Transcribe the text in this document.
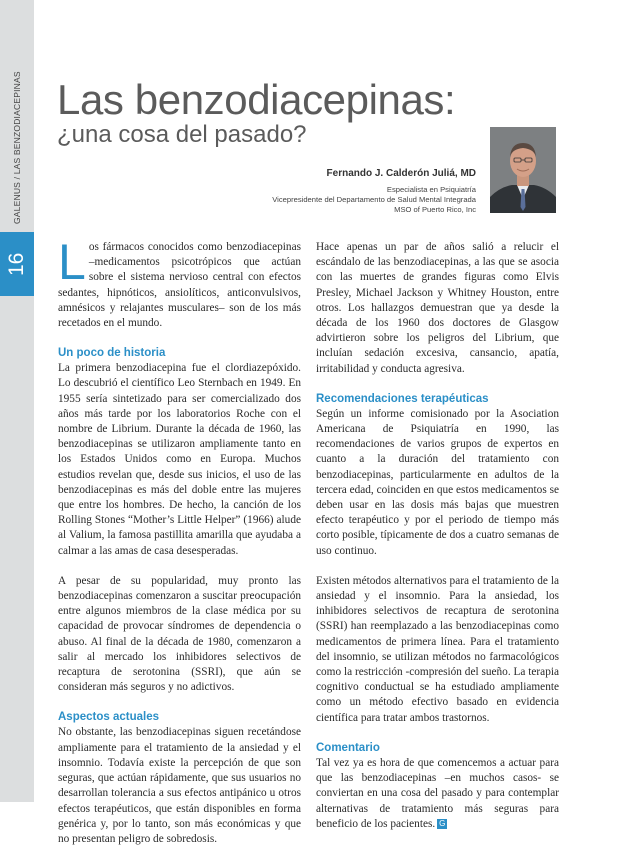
16
GALENUS / LAS BENZODIACEPINAS Las benzodiacepinas:
¿una cosa del pasado?
Fernando J. Calderón Juliá, MD
Especialista en Psiquiatría
Vicepresidente del Departamento de Salud Mental Integrada
MSO of Puerto Rico, Inc

Los fármacos conocidos como benzodiacepinas –medicamentos psicotrópicos que actúan sobre el sistema nervioso central con efectos sedantes, hipnóticos, ansiolíticos, anticonvulsivos, amnésicos y relajantes musculares– son de los más recetados en el mundo.

Un poco de historia

La primera benzodiacepina fue el clordiazepóxido. Lo descubrió el científico Leo Sternbach en 1949. En 1955 sería sintetizado para ser comercializado dos años más tarde por los laboratorios Roche con el nombre de Librium. Durante la década de 1960, las benzodiacepinas se utilizaron ampliamente tanto en los Estados Unidos como en Europa. Muchos estudios revelan que, desde sus inicios, el uso de las benzodiacepinas es más del doble entre las mujeres que entre los hombres. De hecho, la canción de los Rolling Stones “Mother’s Little Helper” (1966) alude al Valium, la famosa pastillita amarilla que ayudaba a calmar a las amas de casa desesperadas.

A pesar de su popularidad, muy pronto las benzodiacepinas comenzaron a suscitar preocupación entre algunos miembros de la clase médica por su capacidad de provocar síndromes de dependencia o abuso. Al final de la década de 1980, comenzaron a salir al mercado los inhibidores selectivos de recaptura de serotonina (SSRI), que aún se consideran más seguros y no adictivos.

Aspectos actuales

No obstante, las benzodiacepinas siguen recetándose ampliamente para el tratamiento de la ansiedad y el insomnio. Todavía existe la percepción de que son seguras, que actúan rápidamente, que sus usuarios no desarrollan tolerancia a sus efectos antipánico u otros efectos terapéuticos, que están disponibles en forma genérica y, por lo tanto, son más económicas y que no presentan peligro de sobredosis.

Hace apenas un par de años salió a relucir el escándalo de las benzodiacepinas, a las que se asocia con las muertes de grandes figuras como Elvis Presley, Michael Jackson y Whitney Houston, entre otros. Los hallazgos demuestran que ya desde la década de los 1960 dos doctores de Glasgow advirtieron sobre los peligros del Librium, que incluían sedación excesiva, cansancio, apatía, irritabilidad y conducta agresiva.

Recomendaciones terapéuticas

Según un informe comisionado por la Asociation Americana de Psiquiatría en 1990, las recomendaciones de varios grupos de expertos en cuanto a la duración del tratamiento con benzodiacepinas, particularmente en adultos de la tercera edad, coinciden en que estos medicamentos se deben usar en las dosis más bajas que muestren efecto terapéutico y por el periodo de tiempo más corto posible, típicamente de dos a cuatro semanas de uso continuo.

Existen métodos alternativos para el tratamiento de la ansiedad y el insomnio. Para la ansiedad, los inhibidores selectivos de recaptura de serotonina (SSRI) han reemplazado a las benzodiacepinas como medicamentos de primera línea. Para el tratamiento del insomnio, se utilizan métodos no farmacológicos como la restricción -compresión del sueño. La terapia cognitivo conductual se ha estudiado ampliamente como un método efectivo basado en evidencia científica para tratar ambos trastornos.

Comentario

Tal vez ya es hora de que comencemos a actuar para que las benzodiacepinas –en muchos casos- se conviertan en una cosa del pasado y para contemplar alternativas de tratamiento más seguras para beneficio de los pacientes. G
